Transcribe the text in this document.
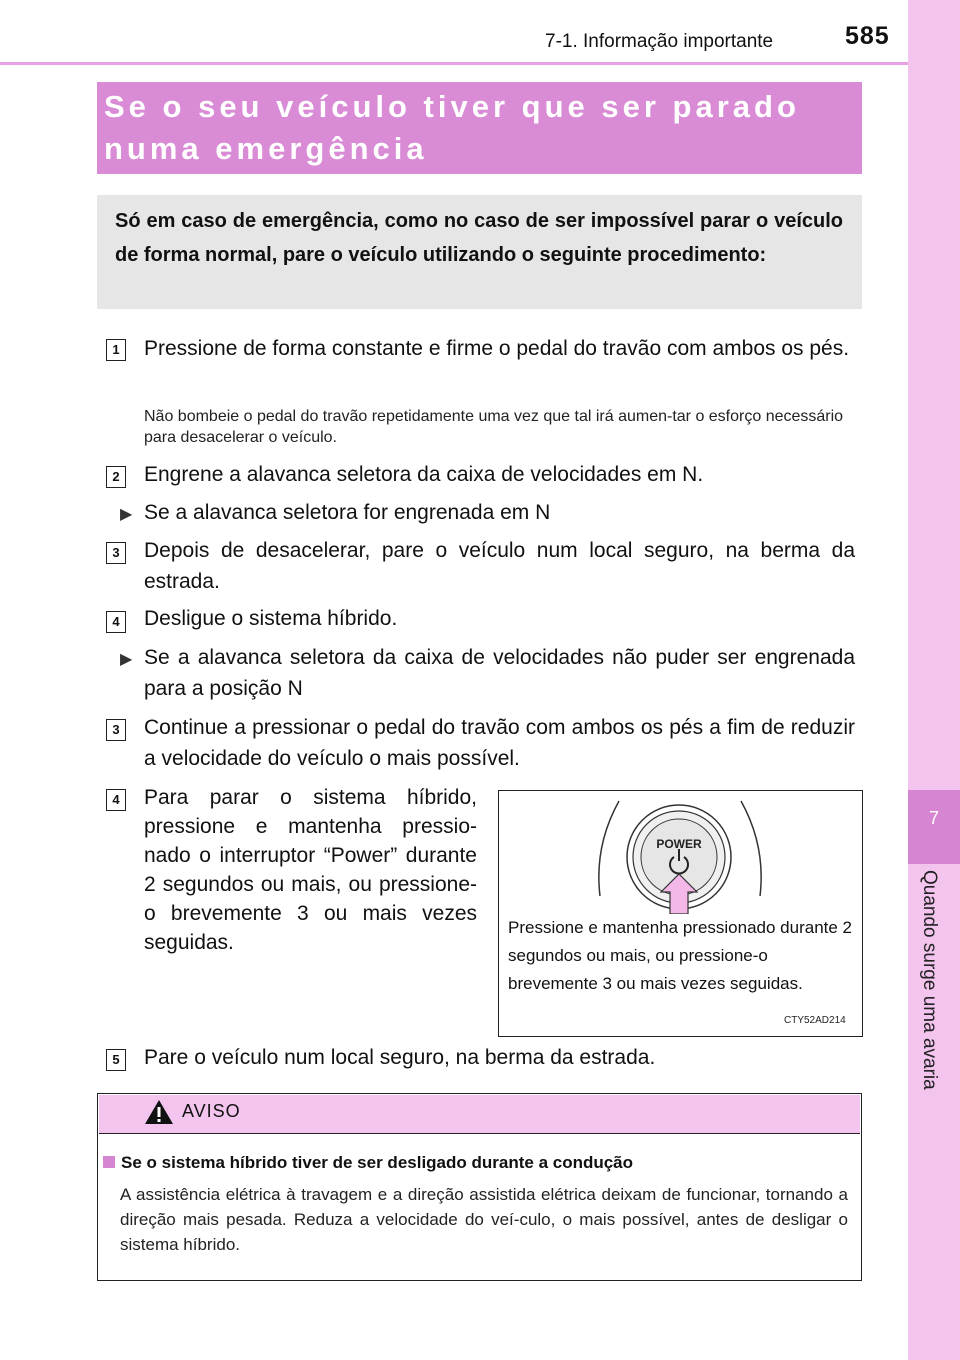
7-1. Informação importante	585
7
Quando surge uma avaria
Se o seu veículo tiver que ser parado numa emergência
Só em caso de emergência, como no caso de ser impossível parar o veículo de forma normal, pare o veículo utilizando o seguinte procedimento:
1	Pressione de forma constante e firme o pedal do travão com ambos os pés.
Não bombeie o pedal do travão repetidamente uma vez que tal irá aumen-tar o esforço necessário para desacelerar o veículo.
2	Engrene a alavanca seletora da caixa de velocidades em N.
▶ Se a alavanca seletora for engrenada em N
3	Depois de desacelerar, pare o veículo num local seguro, na berma da estrada.
4	Desligue o sistema híbrido.
▶ Se a alavanca seletora da caixa de velocidades não puder ser engrenada para a posição N
3	Continue a pressionar o pedal do travão com ambos os pés a fim de reduzir a velocidade do veículo o mais possível.
4	Para parar o sistema híbrido, pressione e mantenha pressio-nado o interruptor “Power” durante 2 segundos ou mais, ou pressione-o brevemente 3 ou mais vezes seguidas.
POWER
Pressione e mantenha pressionado durante 2 segundos ou mais, ou pressione-o brevemente 3 ou mais vezes seguidas.
CTY52AD214
5	Pare o veículo num local seguro, na berma da estrada.
AVISO
Se o sistema híbrido tiver de ser desligado durante a condução
A assistência elétrica à travagem e a direção assistida elétrica deixam de funcionar, tornando a direção mais pesada. Reduza a velocidade do veí-culo, o mais possível, antes de desligar o sistema híbrido.
